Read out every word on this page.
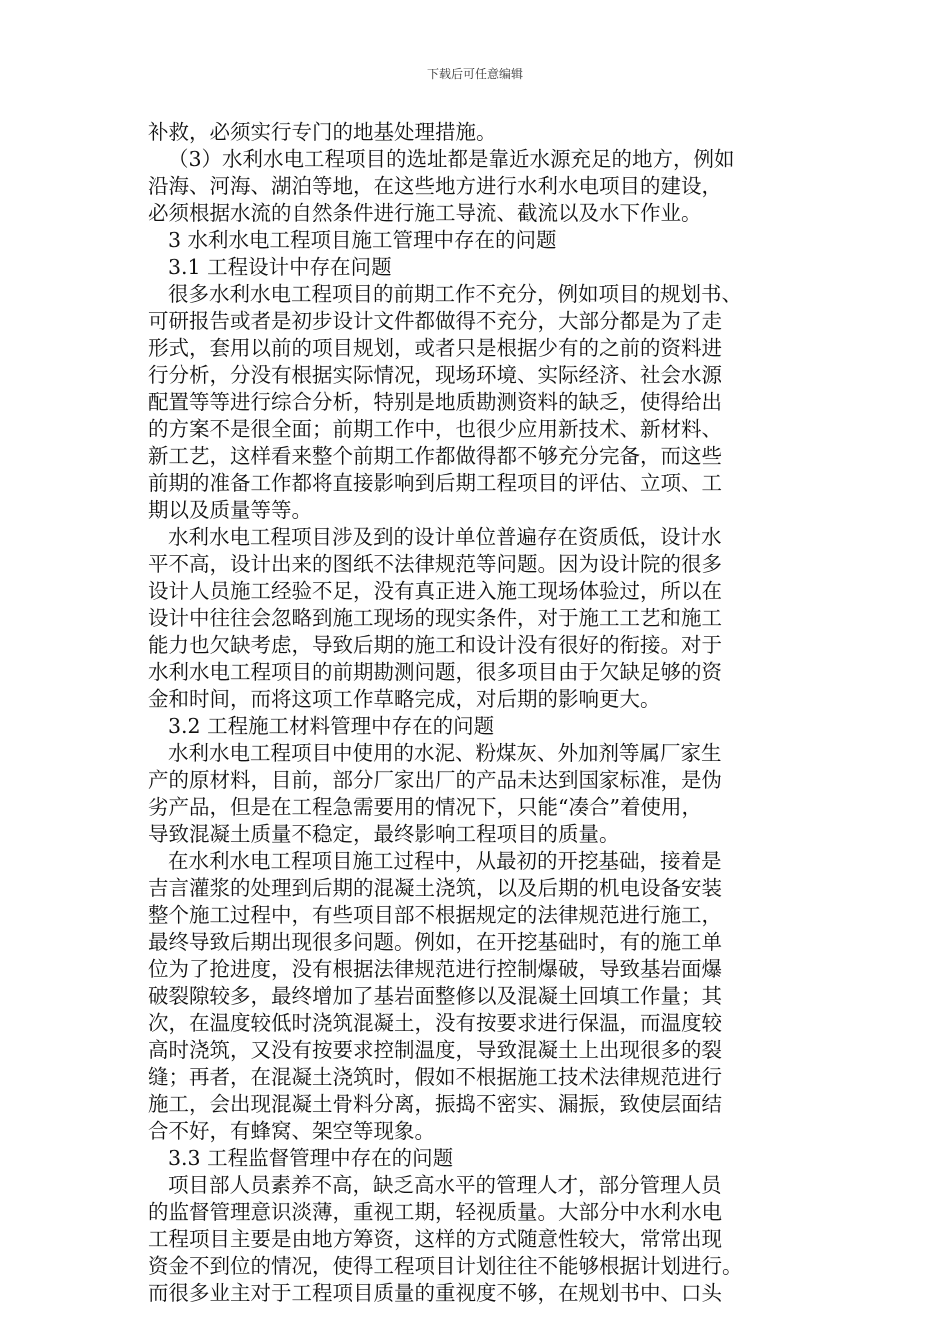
下载后可任意编辑
补救，必须实行专门的地基处理措施。
（3）水利水电工程项目的选址都是靠近水源充足的地方，例如
沿海、河海、湖泊等地，在这些地方进行水利水电项目的建设，
必须根据水流的自然条件进行施工导流、截流以及水下作业。
3 水利水电工程项目施工管理中存在的问题
3.1 工程设计中存在问题
很多水利水电工程项目的前期工作不充分，例如项目的规划书、
可研报告或者是初步设计文件都做得不充分，大部分都是为了走
形式，套用以前的项目规划，或者只是根据少有的之前的资料进
行分析，分没有根据实际情况，现场环境、实际经济、社会水源
配置等等进行综合分析，特别是地质勘测资料的缺乏，使得给出
的方案不是很全面；前期工作中，也很少应用新技术、新材料、
新工艺，这样看来整个前期工作都做得都不够充分完备，而这些
前期的准备工作都将直接影响到后期工程项目的评估、立项、工
期以及质量等等。
水利水电工程项目涉及到的设计单位普遍存在资质低，设计水
平不高，设计出来的图纸不法律规范等问题。因为设计院的很多
设计人员施工经验不足，没有真正进入施工现场体验过，所以在
设计中往往会忽略到施工现场的现实条件，对于施工工艺和施工
能力也欠缺考虑，导致后期的施工和设计没有很好的衔接。对于
水利水电工程项目的前期勘测问题，很多项目由于欠缺足够的资
金和时间，而将这项工作草略完成，对后期的影响更大。
3.2 工程施工材料管理中存在的问题
水利水电工程项目中使用的水泥、粉煤灰、外加剂等属厂家生
产的原材料，目前，部分厂家出厂的产品未达到国家标准，是伪
劣产品，但是在工程急需要用的情况下，只能“凑合”着使用，
导致混凝土质量不稳定，最终影响工程项目的质量。
在水利水电工程项目施工过程中，从最初的开挖基础，接着是
吉言灌浆的处理到后期的混凝土浇筑，以及后期的机电设备安装
整个施工过程中，有些项目部不根据规定的法律规范进行施工，
最终导致后期出现很多问题。例如，在开挖基础时，有的施工单
位为了抢进度，没有根据法律规范进行控制爆破，导致基岩面爆
破裂隙较多，最终增加了基岩面整修以及混凝土回填工作量；其
次，在温度较低时浇筑混凝土，没有按要求进行保温，而温度较
高时浇筑，又没有按要求控制温度，导致混凝土上出现很多的裂
缝；再者，在混凝土浇筑时，假如不根据施工技术法律规范进行
施工，会出现混凝土骨料分离，振捣不密实、漏振，致使层面结
合不好，有蜂窝、架空等现象。
3.3 工程监督管理中存在的问题
项目部人员素养不高，缺乏高水平的管理人才，部分管理人员
的监督管理意识淡薄，重视工期，轻视质量。大部分中水利水电
工程项目主要是由地方筹资，这样的方式随意性较大，常常出现
资金不到位的情况，使得工程项目计划往往不能够根据计划进行。
而很多业主对于工程项目质量的重视度不够，在规划书中、口头
